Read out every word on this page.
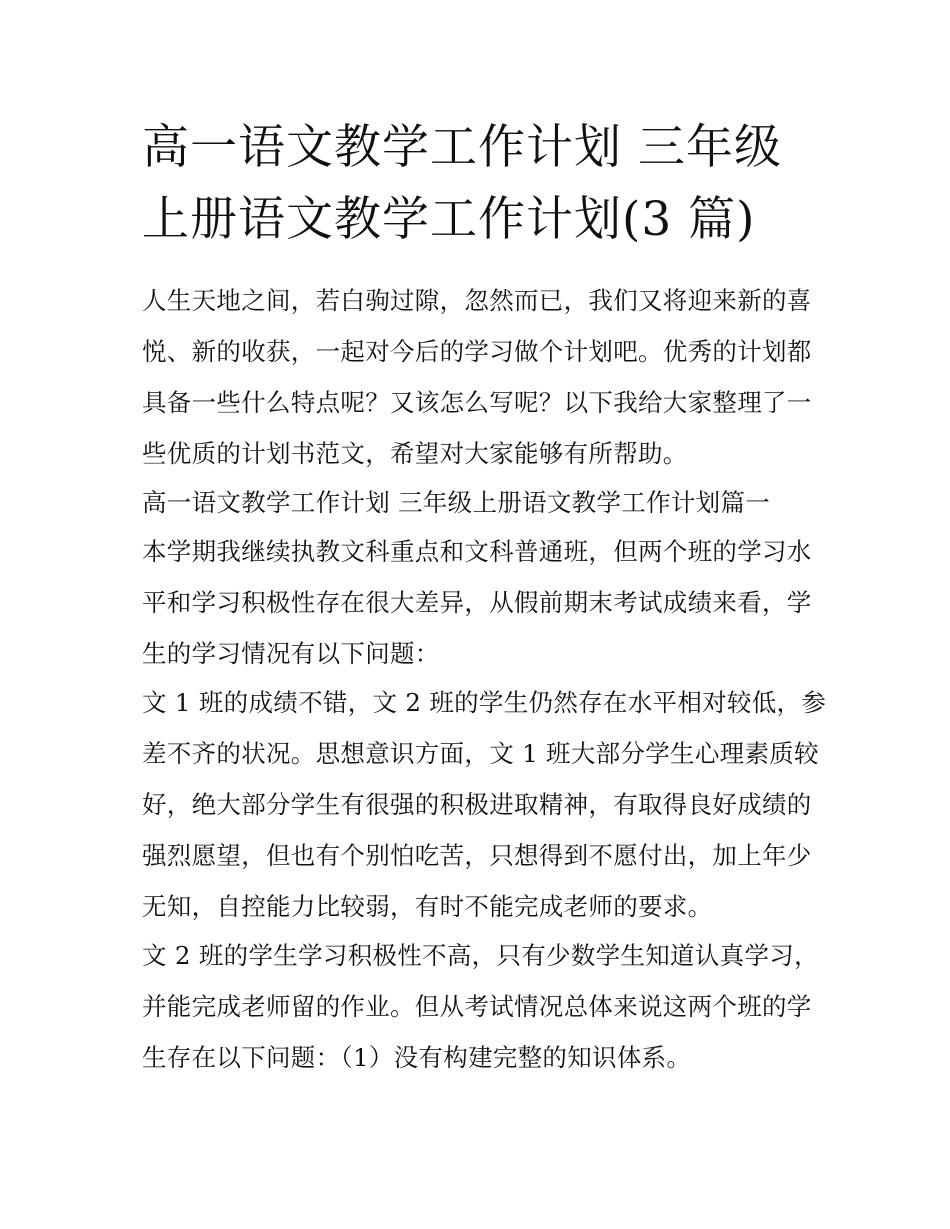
高一语文教学工作计划 三年级
上册语文教学工作计划(3 篇)

人生天地之间，若白驹过隙，忽然而已，我们又将迎来新的喜
悦、新的收获，一起对今后的学习做个计划吧。优秀的计划都
具备一些什么特点呢？又该怎么写呢？以下我给大家整理了一
些优质的计划书范文，希望对大家能够有所帮助。

高一语文教学工作计划 三年级上册语文教学工作计划篇一

本学期我继续执教文科重点和文科普通班，但两个班的学习水
平和学习积极性存在很大差异，从假前期末考试成绩来看，学
生的学习情况有以下问题：

文 1 班的成绩不错，文 2 班的学生仍然存在水平相对较低，参
差不齐的状况。思想意识方面，文 1 班大部分学生心理素质较
好，绝大部分学生有很强的积极进取精神，有取得良好成绩的
强烈愿望，但也有个别怕吃苦，只想得到不愿付出，加上年少
无知，自控能力比较弱，有时不能完成老师的要求。

文 2 班的学生学习积极性不高，只有少数学生知道认真学习，
并能完成老师留的作业。但从考试情况总体来说这两个班的学
生存在以下问题：（1）没有构建完整的知识体系。
